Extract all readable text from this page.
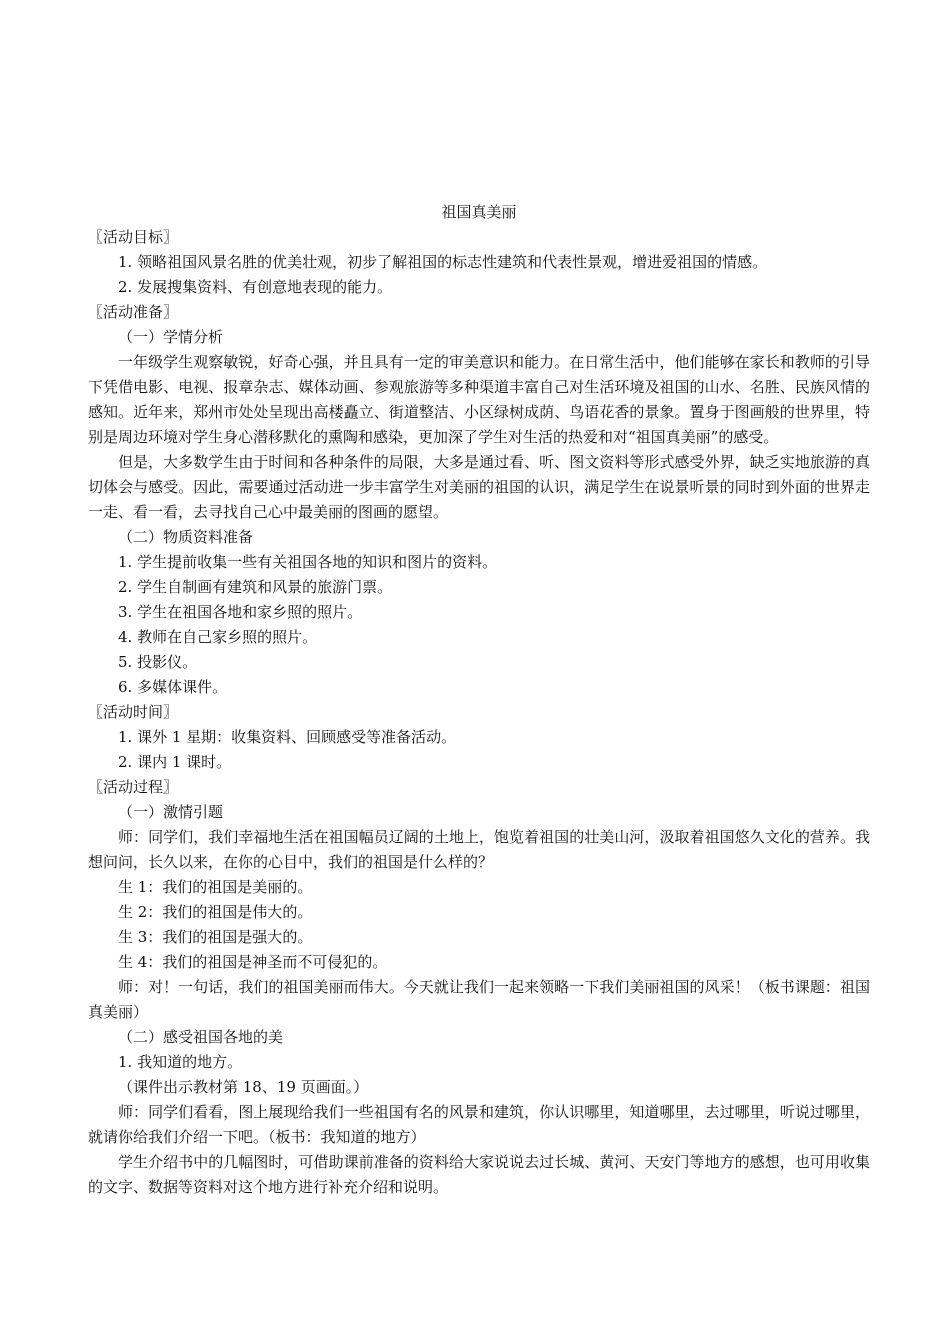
祖国真美丽

〖活动目标〗

1. 领略祖国风景名胜的优美壮观，初步了解祖国的标志性建筑和代表性景观，增进爱祖国的情感。

2. 发展搜集资料、有创意地表现的能力。

〖活动准备〗

（一）学情分析

一年级学生观察敏锐，好奇心强，并且具有一定的审美意识和能力。在日常生活中，他们能够在家长和教师的引导下凭借电影、电视、报章杂志、媒体动画、参观旅游等多种渠道丰富自己对生活环境及祖国的山水、名胜、民族风情的感知。近年来，郑州市处处呈现出高楼矗立、街道整洁、小区绿树成荫、鸟语花香的景象。置身于图画般的世界里，特别是周边环境对学生身心潜移默化的熏陶和感染，更加深了学生对生活的热爱和对“祖国真美丽”的感受。

但是，大多数学生由于时间和各种条件的局限，大多是通过看、听、图文资料等形式感受外界，缺乏实地旅游的真切体会与感受。因此，需要通过活动进一步丰富学生对美丽的祖国的认识，满足学生在说景听景的同时到外面的世界走一走、看一看，去寻找自己心中最美丽的图画的愿望。

（二）物质资料准备

1. 学生提前收集一些有关祖国各地的知识和图片的资料。

2. 学生自制画有建筑和风景的旅游门票。

3. 学生在祖国各地和家乡照的照片。

4. 教师在自己家乡照的照片。

5. 投影仪。

6. 多媒体课件。

〖活动时间〗

1. 课外 1 星期：收集资料、回顾感受等准备活动。

2. 课内 1 课时。

〖活动过程〗

（一）激情引题

师：同学们，我们幸福地生活在祖国幅员辽阔的土地上，饱览着祖国的壮美山河，汲取着祖国悠久文化的营养。我想问问，长久以来，在你的心目中，我们的祖国是什么样的？

生 1：我们的祖国是美丽的。

生 2：我们的祖国是伟大的。

生 3：我们的祖国是强大的。

生 4：我们的祖国是神圣而不可侵犯的。

师：对！一句话，我们的祖国美丽而伟大。今天就让我们一起来领略一下我们美丽祖国的风采！（板书课题：祖国真美丽）

（二）感受祖国各地的美

1. 我知道的地方。

（课件出示教材第 18、19 页画面。）

师：同学们看看，图上展现给我们一些祖国有名的风景和建筑，你认识哪里，知道哪里，去过哪里，听说过哪里，就请你给我们介绍一下吧。（板书：我知道的地方）

学生介绍书中的几幅图时，可借助课前准备的资料给大家说说去过长城、黄河、天安门等地方的感想，也可用收集的文字、数据等资料对这个地方进行补充介绍和说明。
